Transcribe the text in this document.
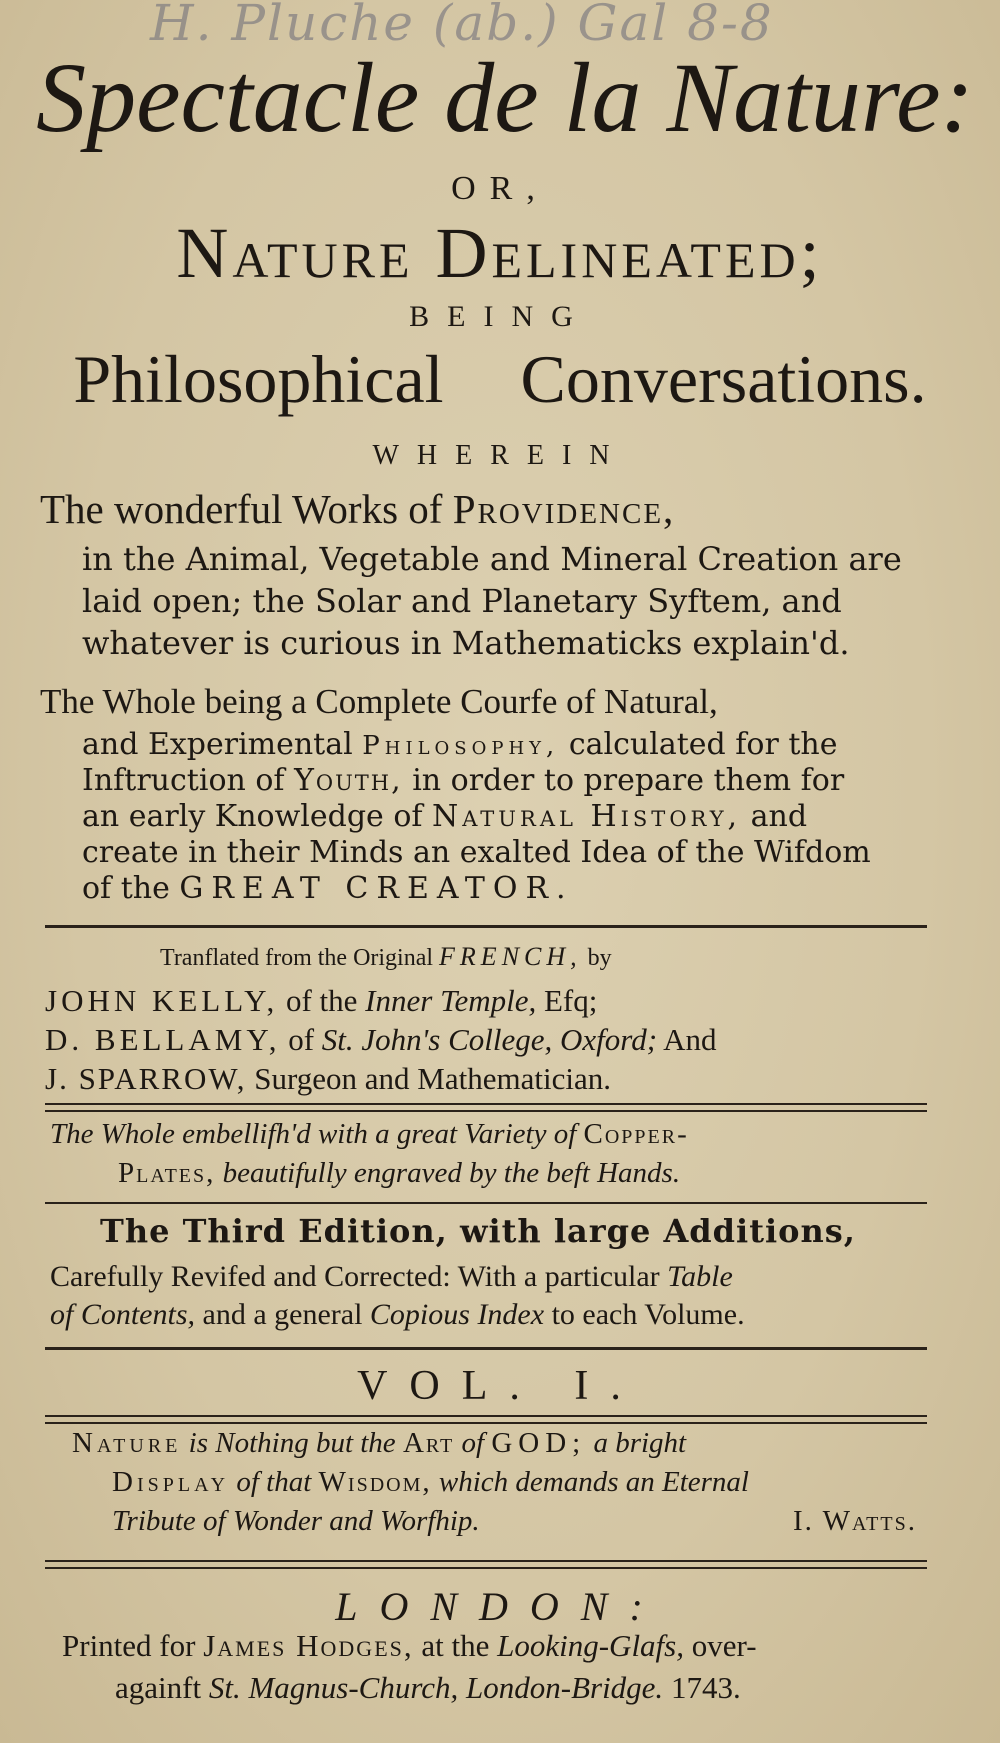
H. Pluche (ab.) Gal 8-8
Spectacle de la Nature:
OR,
Nature Delineated;
BEING
Philosophical Conversations.
WHEREIN
The wonderful Works of Providence,
in the Animal, Vegetable and Mineral Creation are
laid open; the Solar and Planetary Syftem, and
whatever is curious in Mathematicks explain'd.
The Whole being a Complete Courfe of Natural,
and Experimental Philosophy, calculated for the
Inftruction of Youth, in order to prepare them for
an early Knowledge of Natural History, and
create in their Minds an exalted Idea of the Wifdom
of the GREAT CREATOR.
Tranflated from the Original FRENCH, by
JOHN KELLY, of the Inner Temple, Efq;
D. BELLAMY, of St. John's College, Oxford; And
J. SPARROW, Surgeon and Mathematician.
The Whole embellifh'd with a great Variety of Copper-
Plates, beautifully engraved by the beft Hands.
The Third Edition, with large Additions,
Carefully Revifed and Corrected: With a particular Table
of Contents, and a general Copious Index to each Volume.
VOL. I.
Nature is Nothing but the Art of GOD; a bright
Display of that Wisdom, which demands an Eternal
Tribute of Wonder and Worfhip.	I. Watts.
LONDON:
Printed for James Hodges, at the Looking-Glafs, over-
againft St. Magnus-Church, London-Bridge. 1743.
